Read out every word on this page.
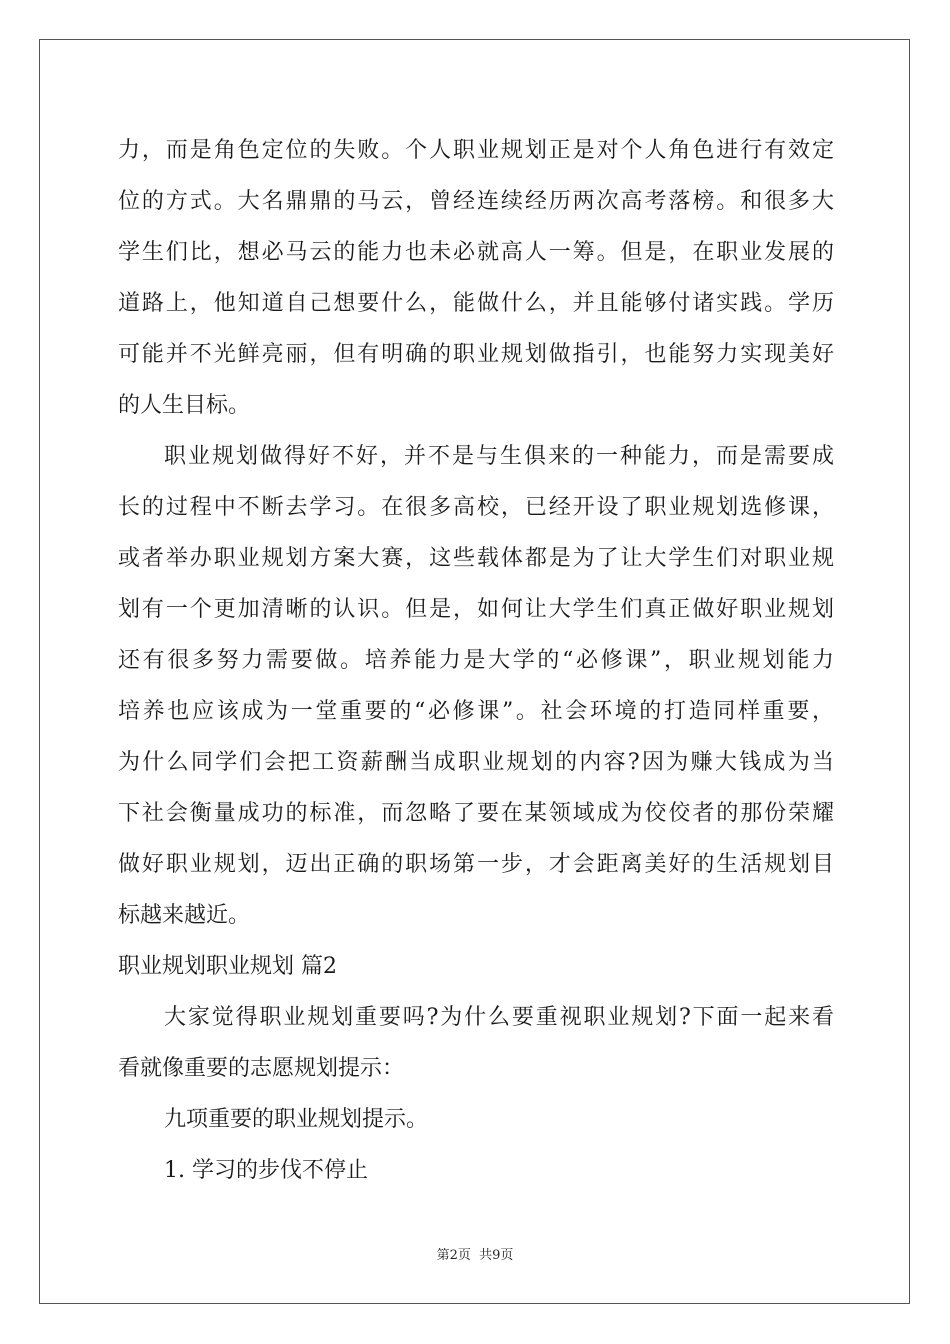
力，而是角色定位的失败。个人职业规划正是对个人角色进行有效定
位的方式。大名鼎鼎的马云，曾经连续经历两次高考落榜。和很多大
学生们比，想必马云的能力也未必就高人一筹。但是，在职业发展的
道路上，他知道自己想要什么，能做什么，并且能够付诸实践。学历
可能并不光鲜亮丽，但有明确的职业规划做指引，也能努力实现美好
的人生目标。
职业规划做得好不好，并不是与生俱来的一种能力，而是需要成
长的过程中不断去学习。在很多高校，已经开设了职业规划选修课，
或者举办职业规划方案大赛，这些载体都是为了让大学生们对职业规
划有一个更加清晰的认识。但是，如何让大学生们真正做好职业规划
还有很多努力需要做。培养能力是大学的“必修课”，职业规划能力
培养也应该成为一堂重要的“必修课”。社会环境的打造同样重要，
为什么同学们会把工资薪酬当成职业规划的内容?因为赚大钱成为当
下社会衡量成功的标准，而忽略了要在某领域成为佼佼者的那份荣耀
做好职业规划，迈出正确的职场第一步，才会距离美好的生活规划目
标越来越近。
职业规划职业规划 篇2
大家觉得职业规划重要吗?为什么要重视职业规划?下面一起来看
看就像重要的志愿规划提示：
九项重要的职业规划提示。
1. 学习的步伐不停止
第2页 共9页
